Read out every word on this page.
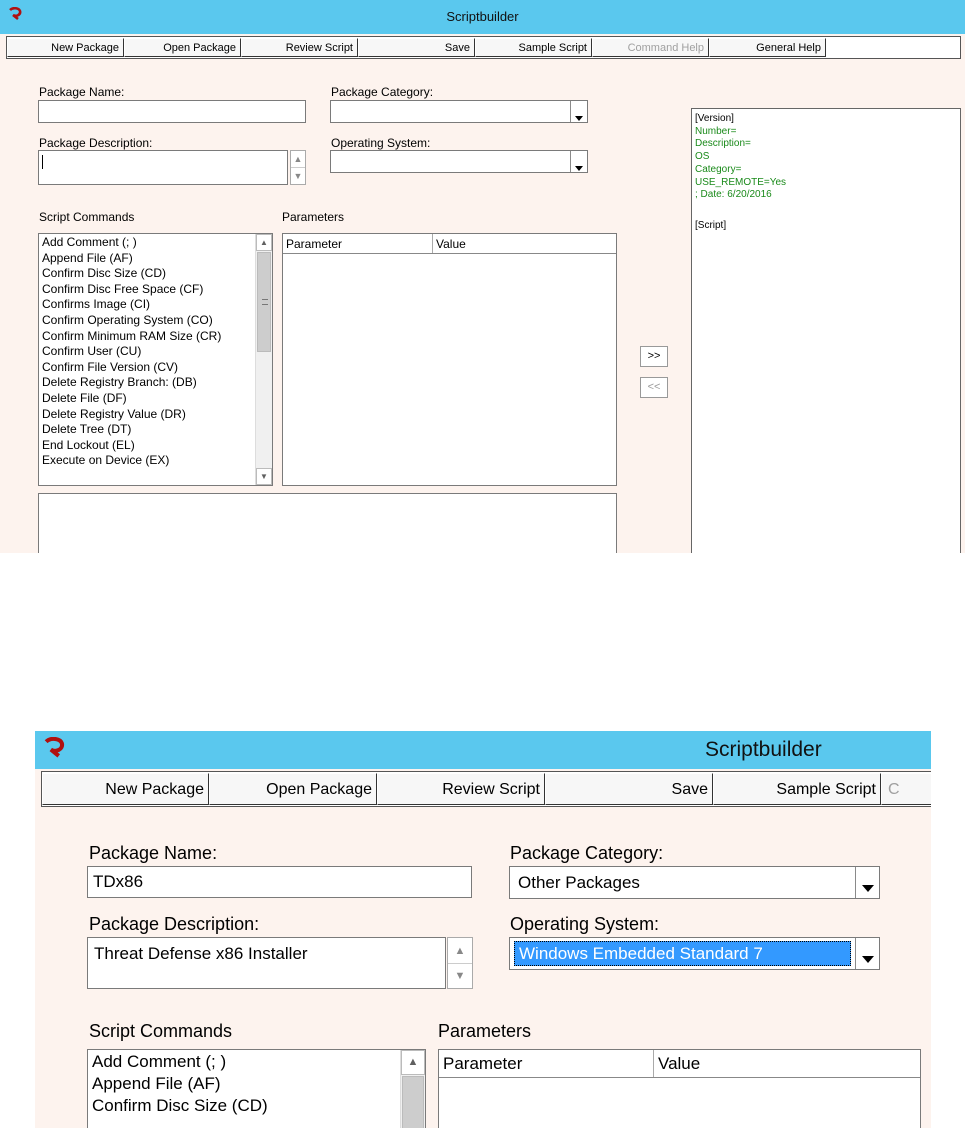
Scriptbuilder
New Package	Open Package	Review Script	Save	Sample Script	Command Help	General Help
Package Name:	Package Category:
Package Description:
▲
▼
Operating System:
Script Commands	Parameters
Add Comment (; )
Append File (AF)
Confirm Disc Size (CD)
Confirm Disc Free Space (CF)
Confirms Image (CI)
Confirm Operating System (CO)
Confirm Minimum RAM Size (CR)
Confirm User (CU)
Confirm File Version (CV)
Delete Registry Branch: (DB)
Delete File (DF)
Delete Registry Value (DR)
Delete Tree (DT)
End Lockout (EL)
Execute on Device (EX)
▲
▼
Parameter	Value
>>
<<
[Version]
Number=
Description=
OS
Category=
USE_REMOTE=Yes
; Date: 6/20/2016
[Script]
Scriptbuilder
New Package	Open Package	Review Script	Save	Sample Script C
Package Name:
TDx86
Package Category:
Other Packages
Package Description:
Threat Defense x86 Installer	▲
▼
Operating System:
Windows Embedded Standard 7
Script Commands	Parameters
Add Comment (; )
Append File (AF)
Confirm Disc Size (CD)
▲	Parameter	Value
